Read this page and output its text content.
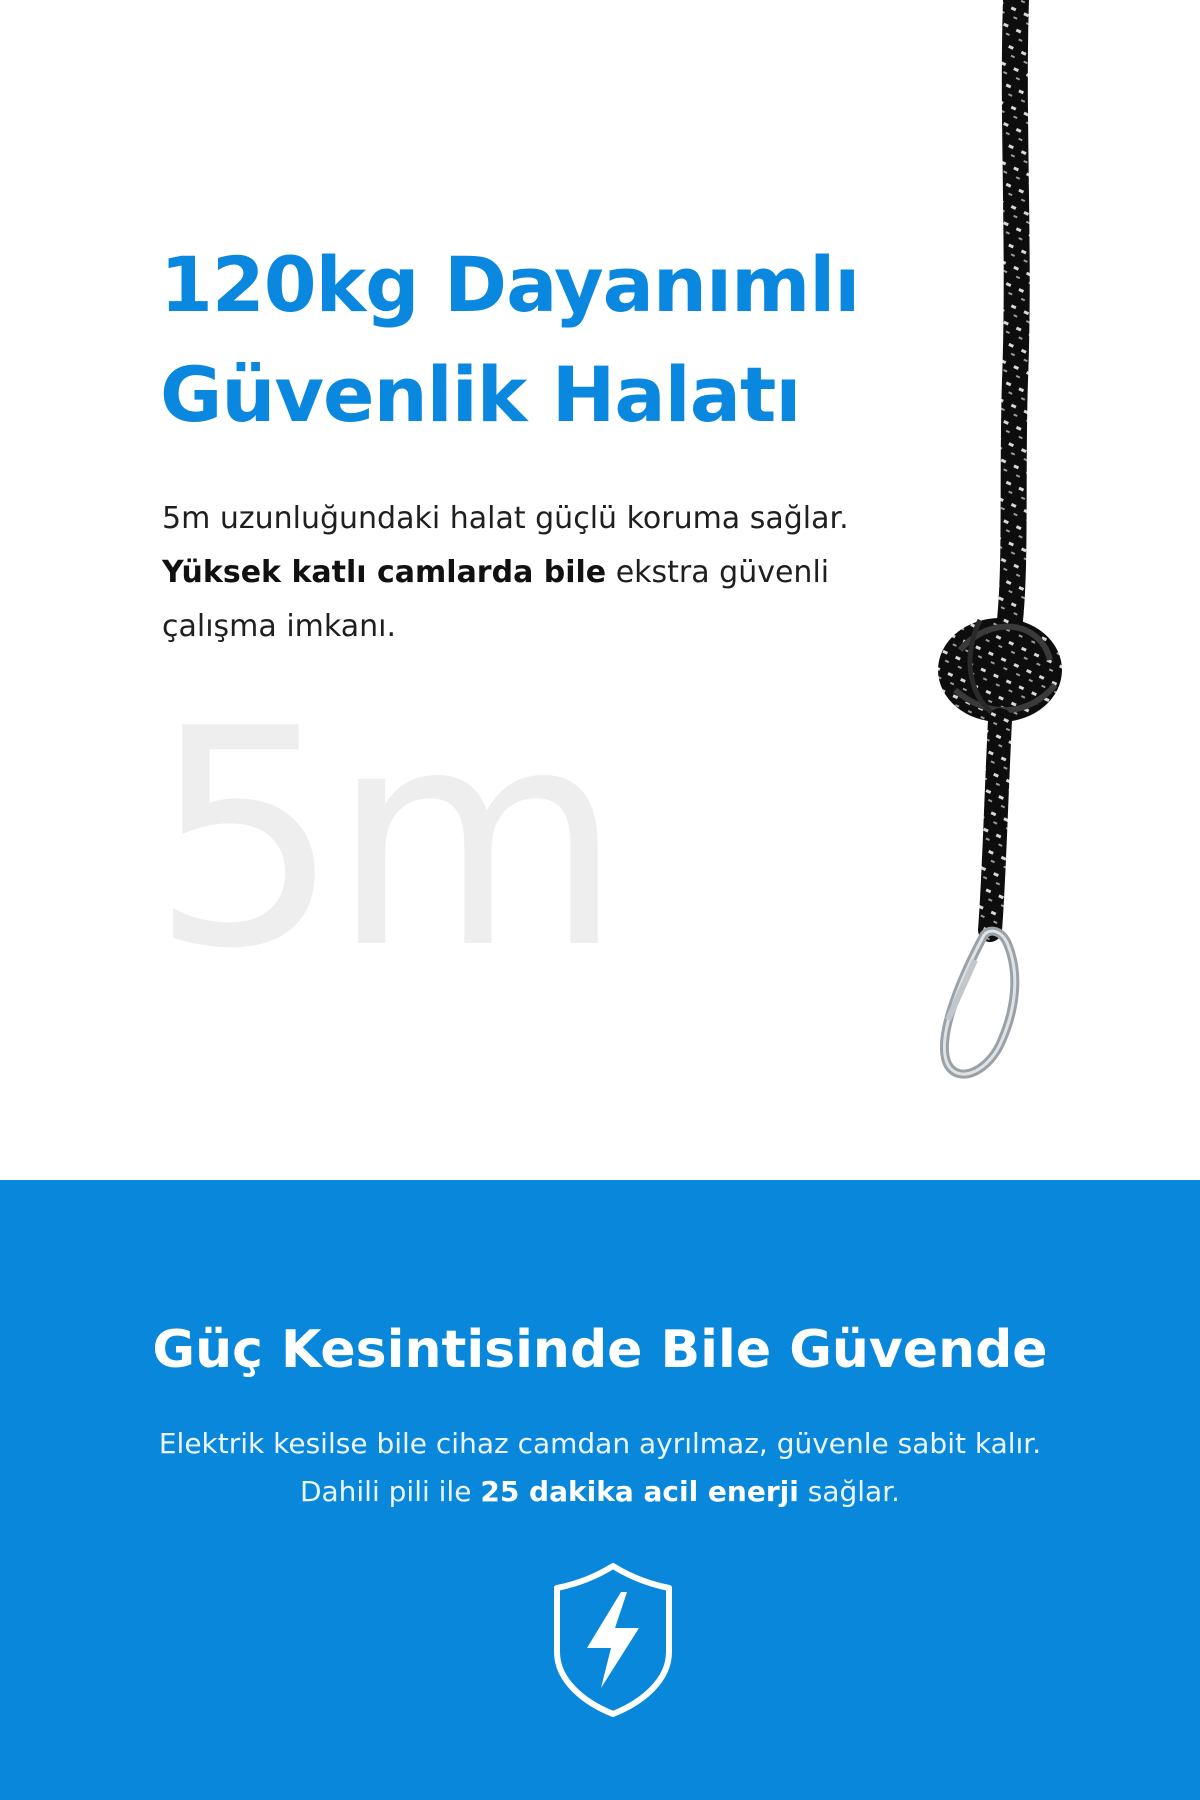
120kg Dayanımlı
Güvenlik Halatı
5m uzunluğundaki halat güçlü koruma sağlar.
Yüksek katlı camlarda bile ekstra güvenli
çalışma imkanı.
5m
Güç Kesintisinde Bile Güvende
Elektrik kesilse bile cihaz camdan ayrılmaz, güvenle sabit kalır.
Dahili pili ile 25 dakika acil enerji sağlar.
